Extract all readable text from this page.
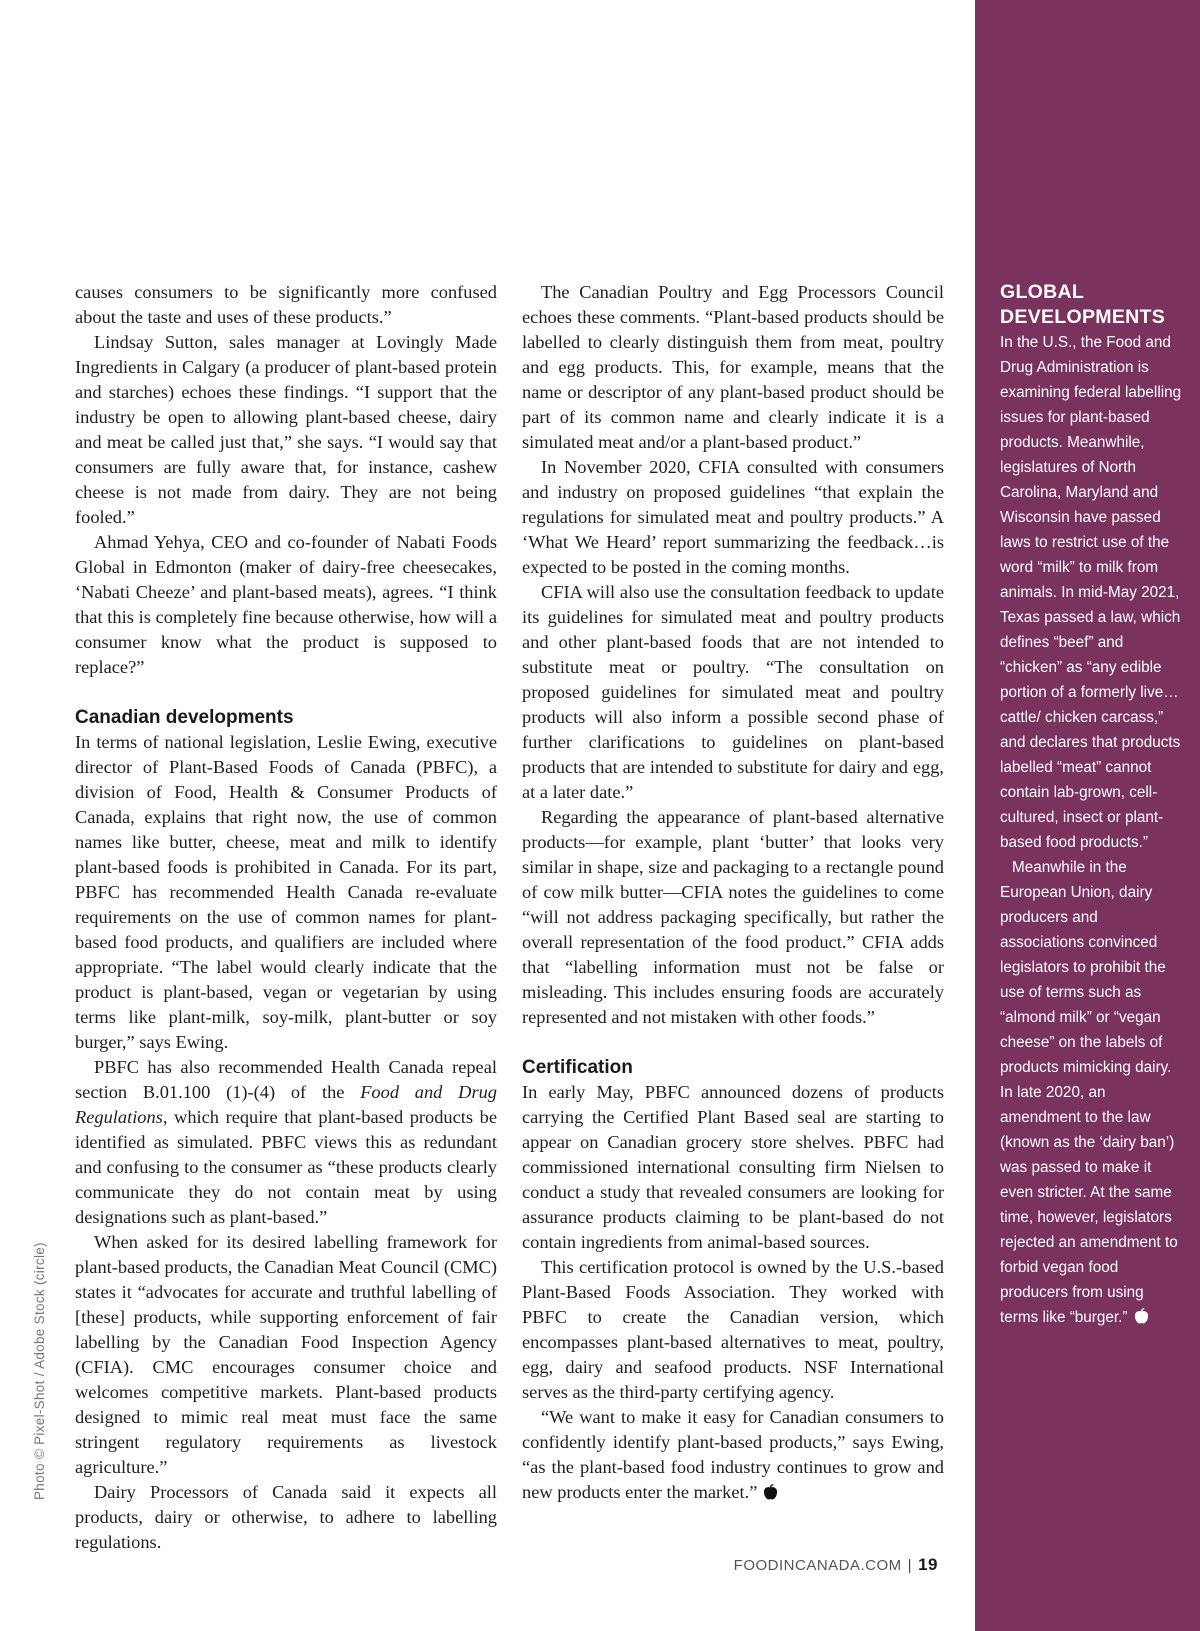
causes consumers to be significantly more confused about the taste and uses of these products.”

Lindsay Sutton, sales manager at Lovingly Made Ingredients in Calgary (a producer of plant-based protein and starches) echoes these findings. “I support that the industry be open to allowing plant-based cheese, dairy and meat be called just that,” she says. “I would say that consumers are fully aware that, for instance, cashew cheese is not made from dairy. They are not being fooled.”

Ahmad Yehya, CEO and co-founder of Nabati Foods Global in Edmonton (maker of dairy-free cheesecakes, ‘Nabati Cheeze’ and plant-based meats), agrees. “I think that this is completely fine because otherwise, how will a consumer know what the product is supposed to replace?”

Canadian developments

In terms of national legislation, Leslie Ewing, executive director of Plant-Based Foods of Canada (PBFC), a division of Food, Health & Consumer Products of Canada, explains that right now, the use of common names like butter, cheese, meat and milk to identify plant-based foods is prohibited in Canada. For its part, PBFC has recommended Health Canada re-evaluate requirements on the use of common names for plant-based food products, and qualifiers are included where appropriate. “The label would clearly indicate that the product is plant-based, vegan or vegetarian by using terms like plant-milk, soy-milk, plant-butter or soy burger,” says Ewing.

PBFC has also recommended Health Canada repeal section B.01.100 (1)-(4) of the Food and Drug Regulations, which require that plant-based products be identified as simulated. PBFC views this as redundant and confusing to the consumer as “these products clearly communicate they do not contain meat by using designations such as plant-based.”

When asked for its desired labelling framework for plant-based products, the Canadian Meat Council (CMC) states it “advocates for accurate and truthful labelling of [these] products, while supporting enforcement of fair labelling by the Canadian Food Inspection Agency (CFIA). CMC encourages consumer choice and welcomes competitive markets. Plant-based products designed to mimic real meat must face the same stringent regulatory requirements as livestock agriculture.”

Dairy Processors of Canada said it expects all products, dairy or otherwise, to adhere to labelling regulations.

The Canadian Poultry and Egg Processors Council echoes these comments. “Plant-based products should be labelled to clearly distinguish them from meat, poultry and egg products. This, for example, means that the name or descriptor of any plant-based product should be part of its common name and clearly indicate it is a simulated meat and/or a plant-based product.”

In November 2020, CFIA consulted with consumers and industry on proposed guidelines “that explain the regulations for simulated meat and poultry products.” A ‘What We Heard’ report summarizing the feedback…is expected to be posted in the coming months.

CFIA will also use the consultation feedback to update its guidelines for simulated meat and poultry products and other plant-based foods that are not intended to substitute meat or poultry. “The consultation on proposed guidelines for simulated meat and poultry products will also inform a possible second phase of further clarifications to guidelines on plant-based products that are intended to substitute for dairy and egg, at a later date.”

Regarding the appearance of plant-based alternative products—for example, plant ‘butter’ that looks very similar in shape, size and packaging to a rectangle pound of cow milk butter—CFIA notes the guidelines to come “will not address packaging specifically, but rather the overall representation of the food product.” CFIA adds that “labelling information must not be false or misleading. This includes ensuring foods are accurately represented and not mistaken with other foods.”

Certification

In early May, PBFC announced dozens of products carrying the Certified Plant Based seal are starting to appear on Canadian grocery store shelves. PBFC had commissioned international consulting firm Nielsen to conduct a study that revealed consumers are looking for assurance products claiming to be plant-based do not contain ingredients from animal-based sources.

This certification protocol is owned by the U.S.-based Plant-Based Foods Association. They worked with PBFC to create the Canadian version, which encompasses plant-based alternatives to meat, poultry, egg, dairy and seafood products. NSF International serves as the third-party certifying agency.

“We want to make it easy for Canadian consumers to confidently identify plant-based products,” says Ewing, “as the plant-based food industry continues to grow and new products enter the market.”

GLOBAL DEVELOPMENTS

In the U.S., the Food and Drug Administration is examining federal labelling issues for plant-based products. Meanwhile, legislatures of North Carolina, Maryland and Wisconsin have passed laws to restrict use of the word “milk” to milk from animals. In mid-May 2021, Texas passed a law, which defines “beef” and “chicken” as “any edible portion of a formerly live…cattle/ chicken carcass,” and declares that products labelled “meat” cannot contain lab-grown, cell-cultured, insect or plant-based food products.”

Meanwhile in the European Union, dairy producers and associations convinced legislators to prohibit the use of terms such as “almond milk” or “vegan cheese” on the labels of products mimicking dairy. In late 2020, an amendment to the law (known as the ‘dairy ban’) was passed to make it even stricter. At the same time, however, legislators rejected an amendment to forbid vegan food producers from using terms like “burger.”

Photo © Pixel-Shot / Adobe Stock (circle)
FOODINCANADA.COM | 19
